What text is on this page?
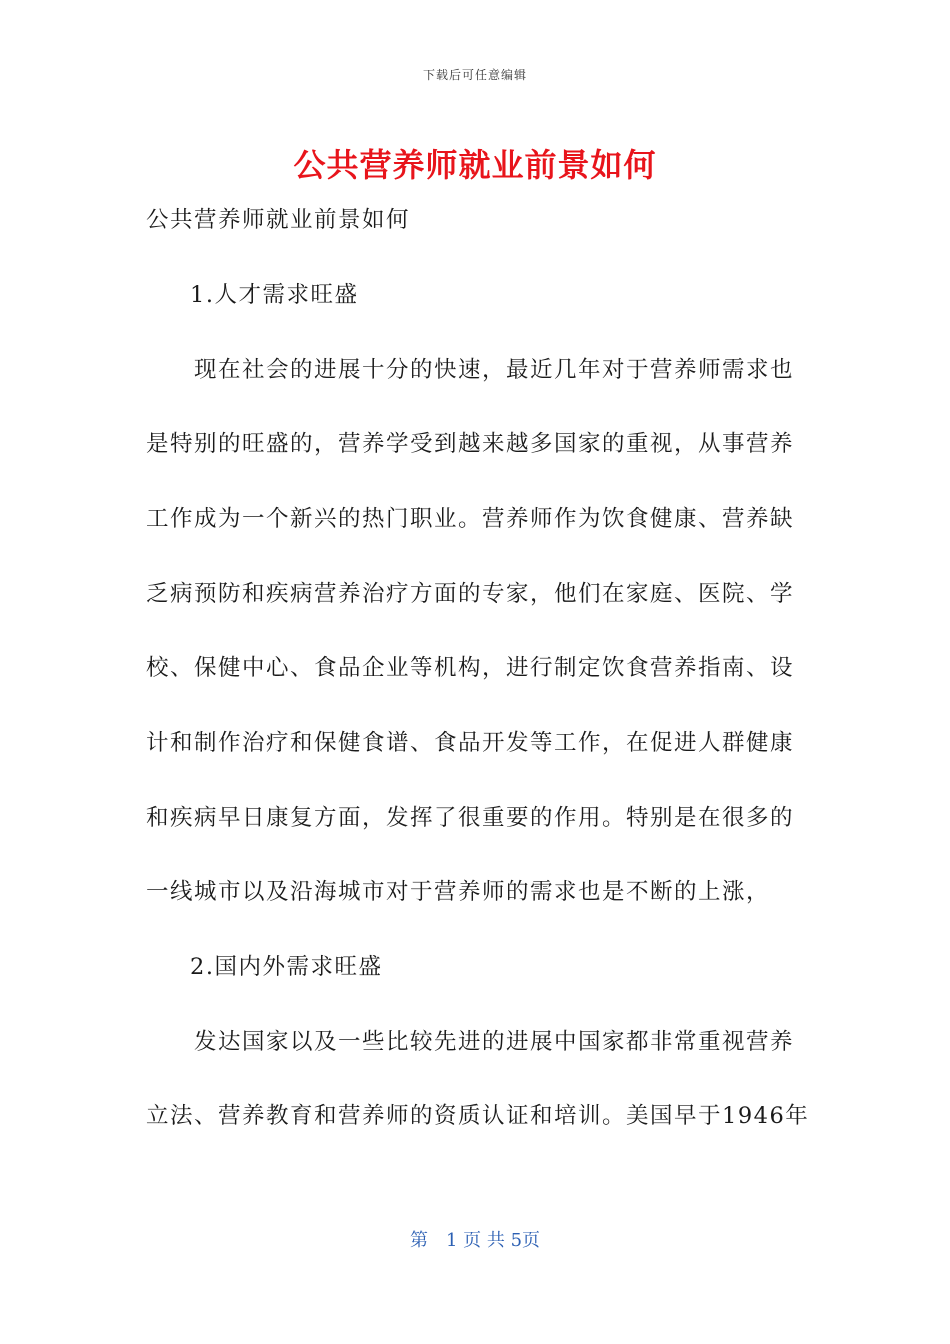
下载后可任意编辑
公共营养师就业前景如何

公共营养师就业前景如何

1.人才需求旺盛

现在社会的进展十分的快速，最近几年对于营养师需求也

是特别的旺盛的，营养学受到越来越多国家的重视，从事营养

工作成为一个新兴的热门职业。营养师作为饮食健康、营养缺

乏病预防和疾病营养治疗方面的专家，他们在家庭、医院、学

校、保健中心、食品企业等机构，进行制定饮食营养指南、设

计和制作治疗和保健食谱、食品开发等工作，在促进人群健康

和疾病早日康复方面，发挥了很重要的作用。特别是在很多的

一线城市以及沿海城市对于营养师的需求也是不断的上涨，

2.国内外需求旺盛

发达国家以及一些比较先进的进展中国家都非常重视营养

立法、营养教育和营养师的资质认证和培训。美国早于1946年

第　1 页 共 5页
